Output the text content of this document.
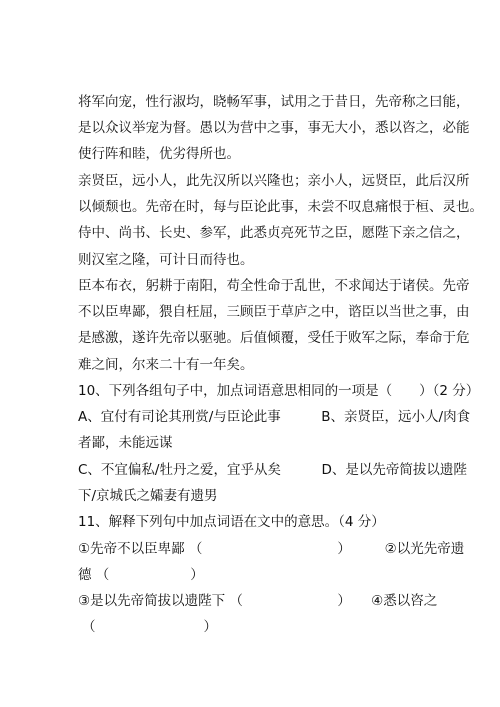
将军向宠，性行淑均，晓畅军事，试用之于昔日，先帝称之曰能，
是以众议举宠为督。愚以为营中之事，事无大小，悉以咨之，必能
使行阵和睦，优劣得所也。
亲贤臣，远小人，此先汉所以兴隆也；亲小人，远贤臣，此后汉所
以倾颓也。先帝在时，每与臣论此事，未尝不叹息痛恨于桓、灵也。
侍中、尚书、长史、参军，此悉贞亮死节之臣，愿陛下亲之信之，
则汉室之隆，可计日而待也。
臣本布衣，躬耕于南阳，苟全性命于乱世，不求闻达于诸侯。先帝
不以臣卑鄙，猥自枉屈，三顾臣于草庐之中，谘臣以当世之事，由
是感激，遂许先帝以驱驰。后值倾覆，受任于败军之际，奉命于危
难之间，尔来二十有一年矣。
10、下列各组句子中，加点词语意思相同的一项是（　　）（2 分）
A、宜付有司论其刑赏/与臣论此事　　　B、亲贤臣，远小人/肉食
者鄙，未能远谋
C、不宜偏私/牡丹之爱，宜乎从矣　　　D、是以先帝简拔以遗陛
下/京城氏之孀妻有遗男
11、解释下列句中加点词语在文中的意思。（4 分）
①先帝不以臣卑鄙 （　　　　　　　　　　）　　　②以光先帝遗
德 （　　　　　　）
③是以先帝简拔以遗陛下 （　　　　　　　）　　④悉以咨之
（　　　　　　　　）
